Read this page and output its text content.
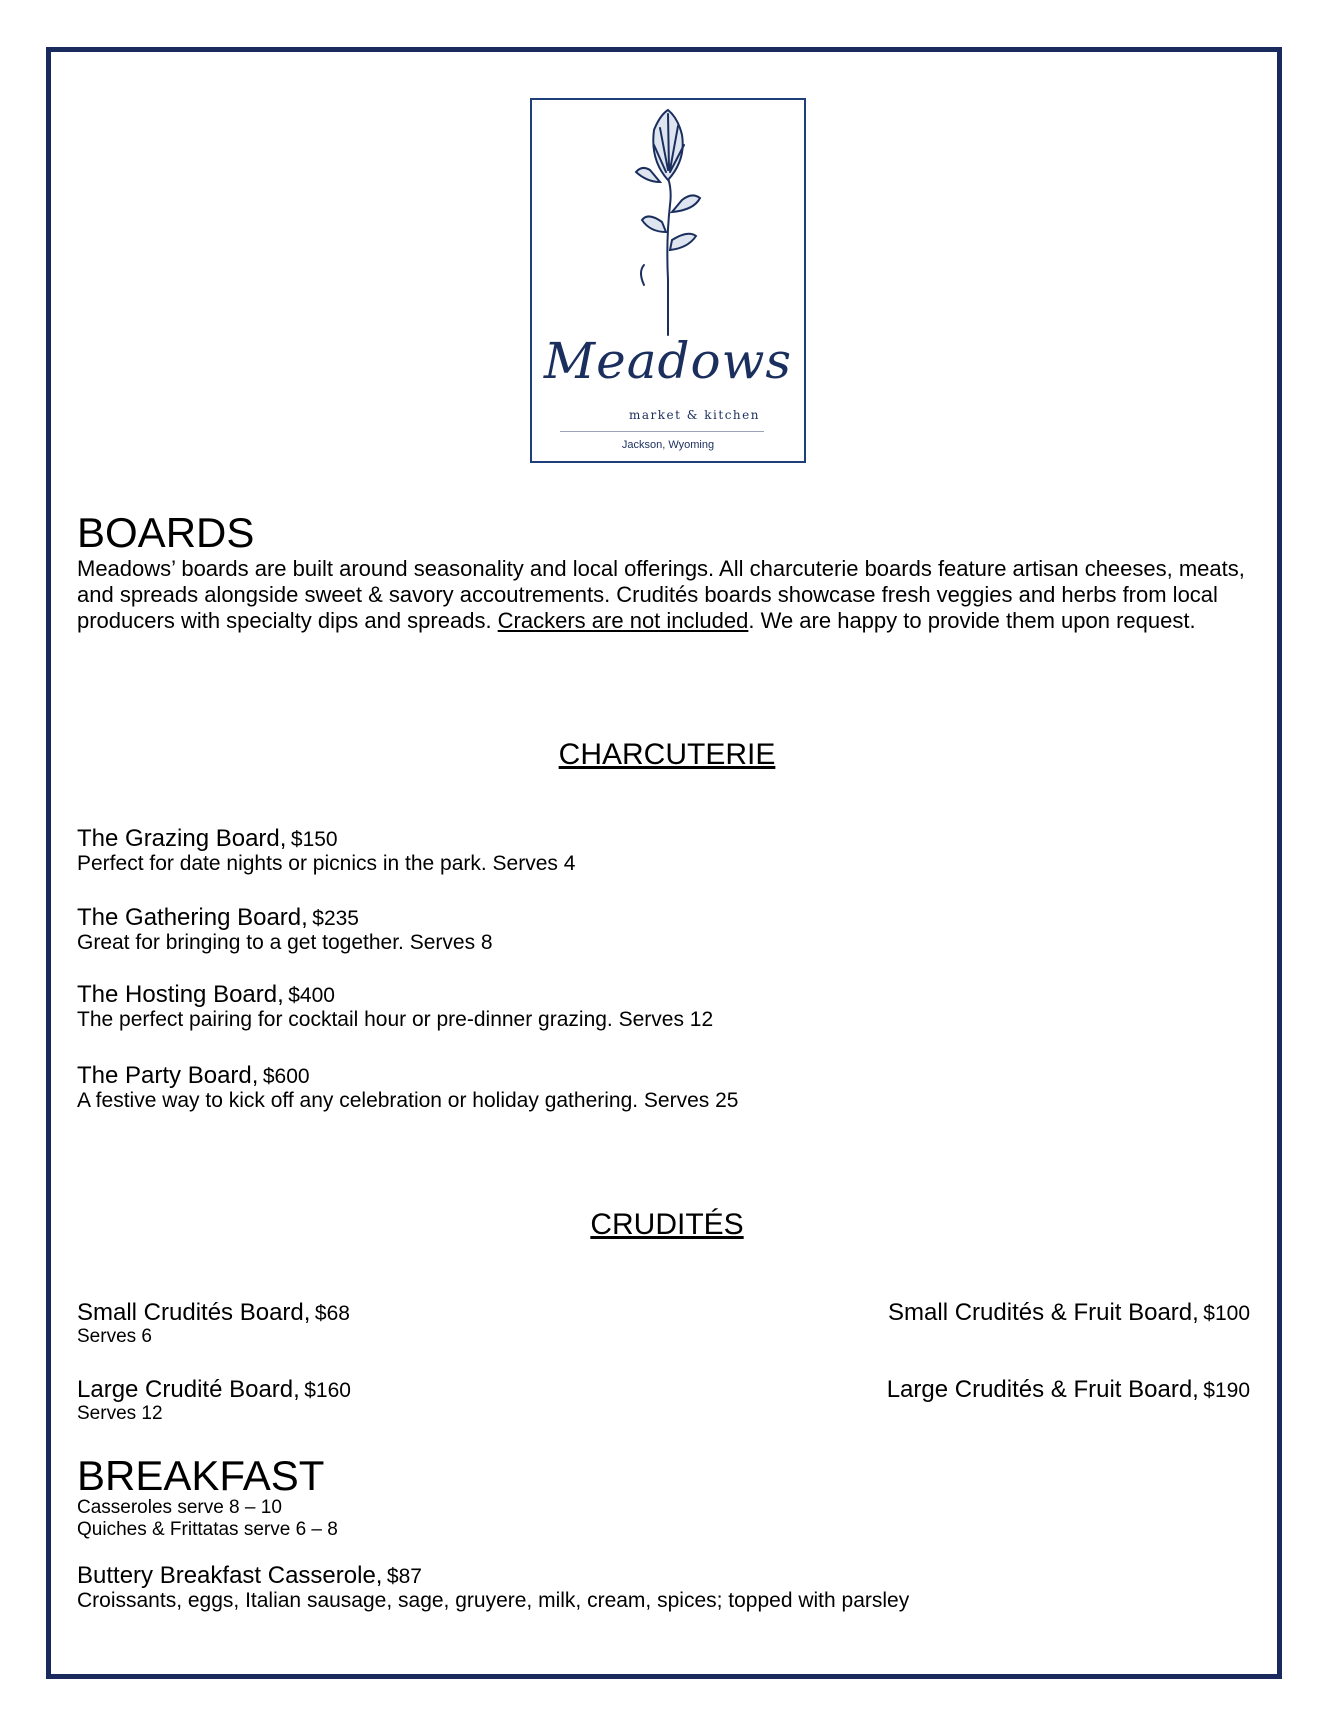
Meadows
market & kitchen
Jackson, Wyoming
BOARDS
Meadows’ boards are built around seasonality and local offerings. All charcuterie boards feature artisan cheeses, meats, and spreads alongside sweet & savory accoutrements. Crudités boards showcase fresh veggies and herbs from local producers with specialty dips and spreads. Crackers are not included. We are happy to provide them upon request.
CHARCUTERIE
The Grazing Board, $150
Perfect for date nights or picnics in the park. Serves 4
The Gathering Board, $235
Great for bringing to a get together. Serves 8
The Hosting Board, $400
The perfect pairing for cocktail hour or pre-dinner grazing. Serves 12
The Party Board, $600
A festive way to kick off any celebration or holiday gathering. Serves 25
CRUDITÉS
Small Crudités Board, $68
Serves 6
Large Crudité Board, $160
Serves 12
Small Crudités & Fruit Board, $100
Large Crudités & Fruit Board, $190
BREAKFAST
Casseroles serve 8 – 10
Quiches & Frittatas serve 6 – 8
Buttery Breakfast Casserole, $87
Croissants, eggs, Italian sausage, sage, gruyere, milk, cream, spices; topped with parsley
